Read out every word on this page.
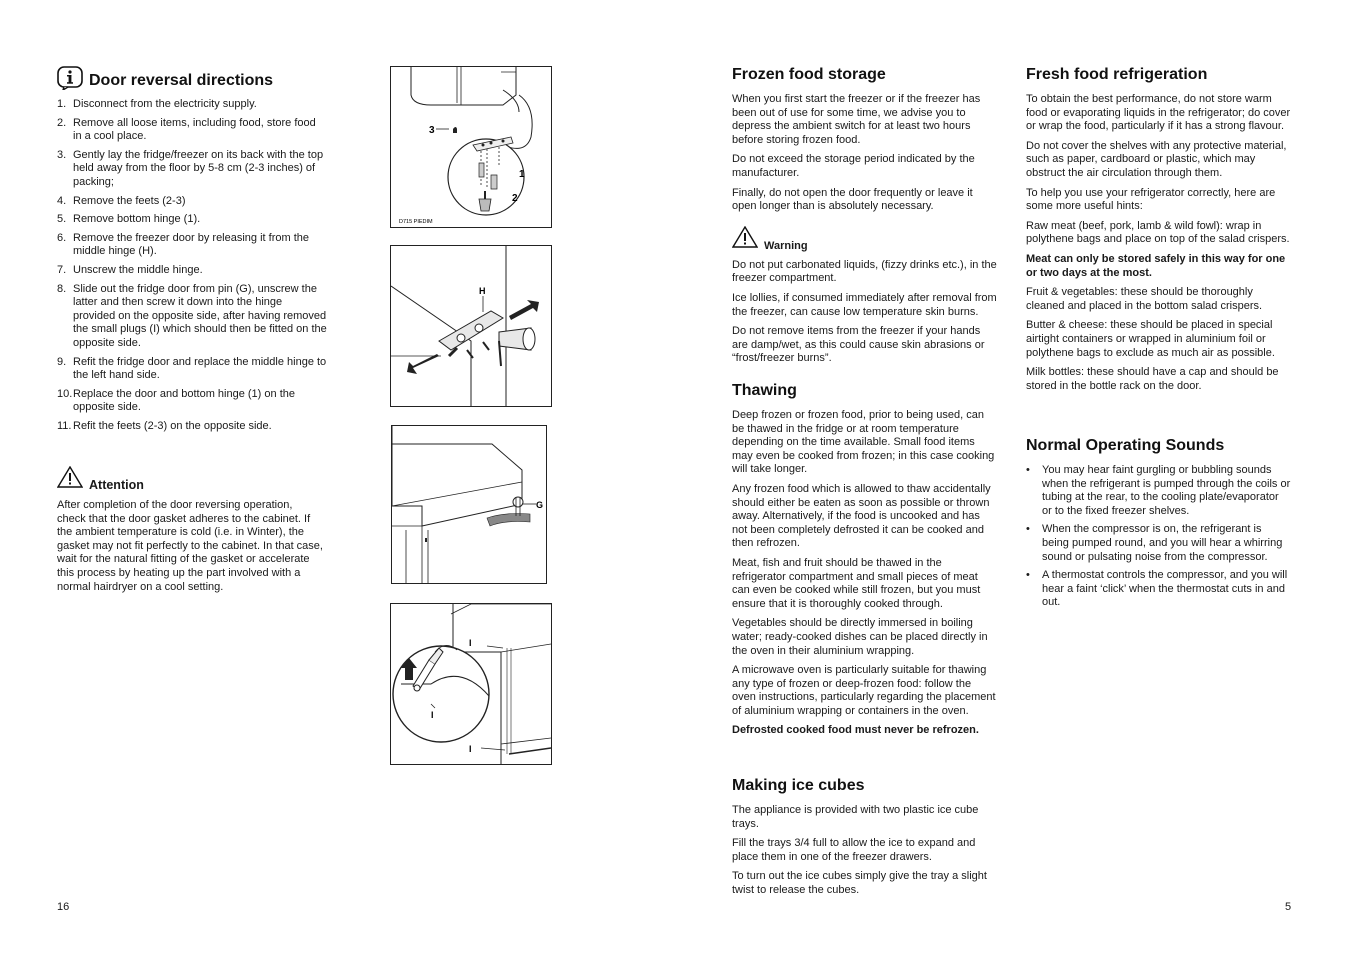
Door reversal directions
1. Disconnect from the electricity supply.
2. Remove all loose items, including food, store food in a cool place.
3. Gently lay the fridge/freezer on its back with the top held away from the floor by 5-8 cm (2-3 inches) of packing;
4. Remove the feets (2-3)
5. Remove bottom hinge (1).
6. Remove the freezer door by releasing it from the middle hinge (H).
7. Unscrew the middle hinge.
8. Slide out the fridge door from pin (G), unscrew the latter and then screw it down into the hinge provided on the opposite side, after having removed the small plugs (I) which should then be fitted on the opposite side.
9. Refit the fridge door and replace the middle hinge to the left hand side.
10. Replace the door and bottom hinge (1) on the opposite side.
11. Refit the feets (2-3) on the opposite side.
Attention

After completion of the door reversing operation, check that the door gasket adheres to the cabinet. If the ambient temperature is cold (i.e. in Winter), the gasket may not fit perfectly to the cabinet. In that case, wait for the natural fitting of the gasket or accelerate this process by heating up the part involved with a normal hairdryer on a cool setting.

16
3
1
2
D715 PIEDIM
H
G
I
I
I
Frozen food storage

When you first start the freezer or if the freezer has been out of use for some time, we advise you to depress the ambient switch for at least two hours before storing frozen food.

Do not exceed the storage period indicated by the manufacturer.

Finally, do not open the door frequently or leave it open longer than is absolutely necessary.

Warning

Do not put carbonated liquids, (fizzy drinks etc.), in the freezer compartment.

Ice lollies, if consumed immediately after removal from the freezer, can cause low temperature skin burns.

Do not remove items from the freezer if your hands are damp/wet, as this could cause skin abrasions or “frost/freezer burns”.

Thawing

Deep frozen or frozen food, prior to being used, can be thawed in the fridge or at room temperature depending on the time available. Small food items may even be cooked from frozen; in this case cooking will take longer.

Any frozen food which is allowed to thaw accidentally should either be eaten as soon as possible or thrown away. Alternatively, if the food is uncooked and has not been completely defrosted it can be cooked and then refrozen.

Meat, fish and fruit should be thawed in the refrigerator compartment and small pieces of meat can even be cooked while still frozen, but you must ensure that it is thoroughly cooked through.

Vegetables should be directly immersed in boiling water; ready-cooked dishes can be placed directly in the oven in their aluminium wrapping.

A microwave oven is particularly suitable for thawing any type of frozen or deep-frozen food: follow the oven instructions, particularly regarding the placement of aluminium wrapping or containers in the oven.

Defrosted cooked food must never be refrozen.

Making ice cubes

The appliance is provided with two plastic ice cube trays.

Fill the trays 3/4 full to allow the ice to expand and place them in one of the freezer drawers.

To turn out the ice cubes simply give the tray a slight twist to release the cubes.

Fresh food refrigeration

To obtain the best performance, do not store warm food or evaporating liquids in the refrigerator; do cover or wrap the food, particularly if it has a strong flavour.

Do not cover the shelves with any protective material, such as paper, cardboard or plastic, which may obstruct the air circulation through them.

To help you use your refrigerator correctly, here are some more useful hints:

Raw meat (beef, pork, lamb & wild fowl): wrap in polythene bags and place on top of the salad crispers.

Meat can only be stored safely in this way for one or two days at the most.

Fruit & vegetables: these should be thoroughly cleaned and placed in the bottom salad crispers.

Butter & cheese: these should be placed in special airtight containers or wrapped in aluminium foil or polythene bags to exclude as much air as possible.

Milk bottles: these should have a cap and should be stored in the bottle rack on the door.

Normal Operating Sounds
• You may hear faint gurgling or bubbling sounds when the refrigerant is pumped through the coils or tubing at the rear, to the cooling plate/evaporator or to the fixed freezer shelves.
• When the compressor is on, the refrigerant is being pumped round, and you will hear a whirring sound or pulsating noise from the compressor.
• A thermostat controls the compressor, and you will hear a faint ‘click’ when the thermostat cuts in and out.
5
